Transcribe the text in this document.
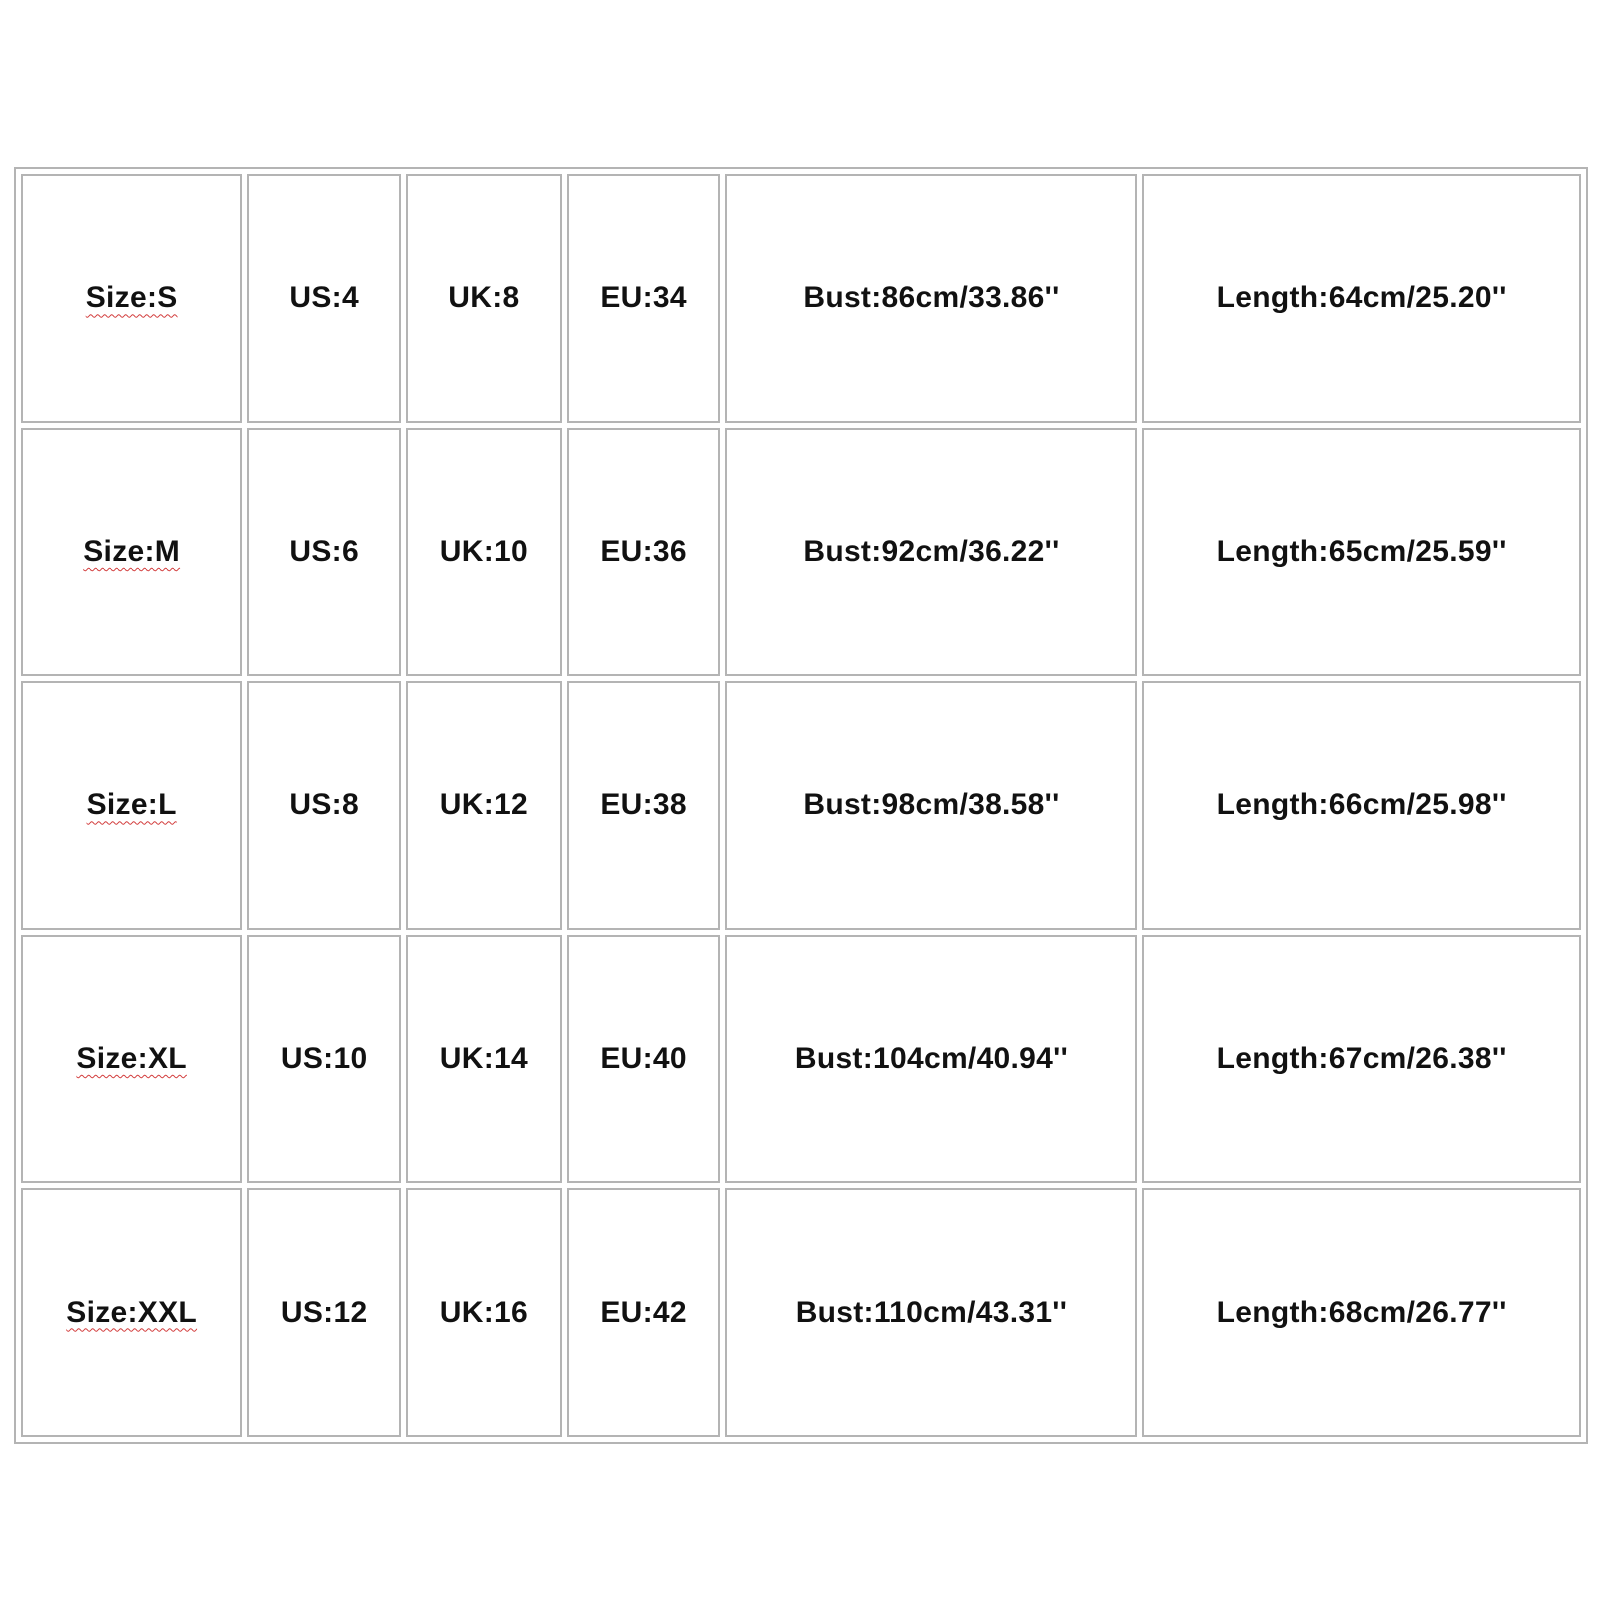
Size:S	US:4	UK:8	EU:34	Bust:86cm/33.86''	Length:64cm/25.20''
Size:M	US:6	UK:10	EU:36	Bust:92cm/36.22''	Length:65cm/25.59''
Size:L	US:8	UK:12	EU:38	Bust:98cm/38.58''	Length:66cm/25.98''
Size:XL	US:10	UK:14	EU:40	Bust:104cm/40.94''	Length:67cm/26.38''
Size:XXL	US:12	UK:16	EU:42	Bust:110cm/43.31''	Length:68cm/26.77''
